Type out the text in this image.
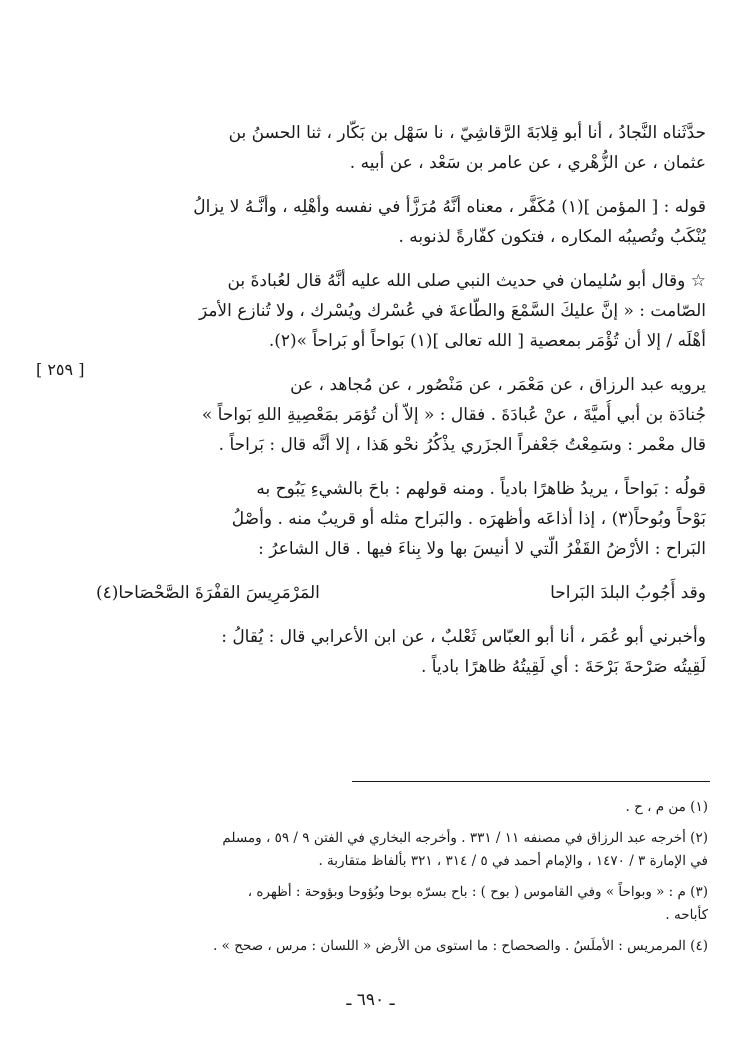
حدَّثَناه النَّجادُ ، أنا أبو قِلابَةَ الرَّقاشِيّ ، نا سَهْل بن بَكّار ، ثنا الحسنُ بن
عثمان ، عن الزُّهْري ، عن عامر بن سَعْد ، عن أبيه .
قوله : [ المؤمن ](١) مُكَفَّر ، معناه أنَّهُ مُرَزَّأ في نفسه وأهْلِه ، وأنَّـهُ لا يزالُ
يُنْكَبُ وتُصيبُه المكاره ، فتكون كفّارةً لذنوبه .
☆ وقال أبو سُليمان في حديث النبي صلى الله عليه أنَّهُ قال لعُبادةَ بن
الصّامت : « إنَّ عليكَ السَّمْعَ والطّاعةَ في عُسْرك ويُسْرك ، ولا تُنازع الأمرَ
أهْلَه / إلا أن تُؤْمَر بمعصية [ الله تعالى ](١) بَواحاً أو بَراحاً »(٢).
يرويه عبد الرزاق ، عن مَعْمَر ، عن مَنْصُور ، عن مُجاهد ، عن
جُنادَة بن أبي أُميَّةَ ، عنْ عُبادَةَ . فقال : « إلاّ أن تُؤمَر بمَعْصِيةِ اللهِ بَواحاً »
قال معْمر : وسَمِعْتُ جَعْفراً الجزَري يذْكُرُ نحْو هَذا ، إلا أنَّه قال : بَراحاً .
قولُه : بَواحاً ، يريدُ ظاهرًا بادياً . ومنه قولهم : باحَ بالشيءِ يَبُوح به
بَوْحاً وبُوحاً(٣) ، إذا أذاعَه وأظهرَه . والبَراح مثله أو قريبٌ منه . وأصْلُ
البَراح : الأرْضُ القَفْرُ الّتي لا أنيسَ بها ولا بِناءَ فيها . قال الشاعرُ :
وقد أَجُوبُ البلدَ البَراحا
المَرْمَرِيسَ القفْرَةَ الصَّحْصَاحا(٤)
وأخبرني أبو عُمَر ، أنا أبو العبّاس ثَعْلبٌ ، عن ابن الأعرابي قال : يُقالُ :
لَقِيتُه صَرْحةَ بَرْحَةَ : أي لَقِيتُهُ ظاهرًا بادياً .
[ ٢٥٩ ]
(١) من م ، ح .
(٢) أخرجه عبد الرزاق في مصنفه ١١ / ٣٣١ . وأخرجه البخاري في الفتن ٩ / ٥٩ ، ومسلم
في الإمارة ٣ / ١٤٧٠ ، والإمام أحمد في ٥ / ٣١٤ ، ٣٢١ بألفاظ متقاربة .
(٣) م : « وبواحاً » وفي القاموس ( بوح ) : باح بسرّه بوحا وبُؤوحا وبؤوحة : أظهره ،
كأباحه .
(٤) المرمريس : الأملَسُ . والصحصاح : ما استوى من الأرض « اللسان : مرس ، صحح » .
ـ ٦٩٠ ـ
